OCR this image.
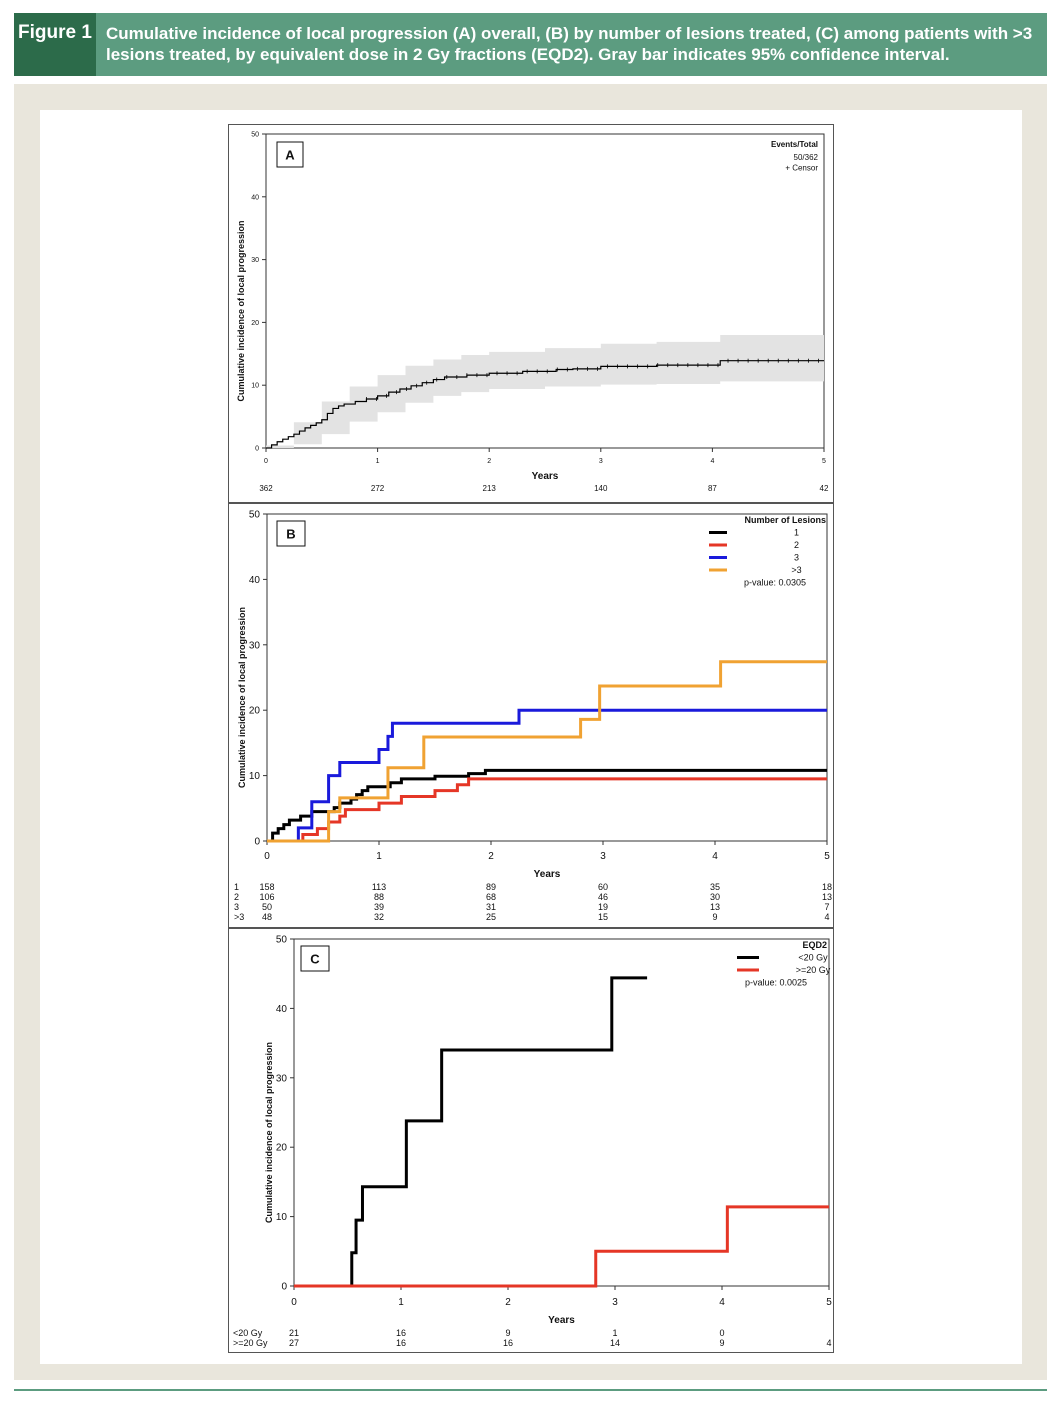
Figure 1 Cumulative incidence of local progression (A) overall, (B) by number of lesions treated, (C) among patients with >3 lesions treated, by equivalent dose in 2 Gy fractions (EQD2). Gray bar indicates 95% confidence interval.
0	1	2	3	4	5
0
10
20
30
40
50
Years
Cumulative incidence of local progression
A
Events/Total
50/362
+ Censor
362	272	213	140	87	42
0	1	2	3	4	5
0
10
20
30
40
50
Years
Cumulative incidence of local progression
B
Number of Lesions
1
2
3
>3
p-value: 0.0305
1 158	113	89	60	35	18
2 106	88	68	46	30	13
3	50	39	31	19	13	7
>3 48	32	25	15	9	4
0	1	2	3	4	5
0
10
20
30
40
50
Years
Cumulative incidence of local progression
C
EQD2
<20 Gy
>=20 Gy
p-value: 0.0025
<20 Gy	21	16	9	1	0
>=20 Gy 27	16	16	14	9	4
